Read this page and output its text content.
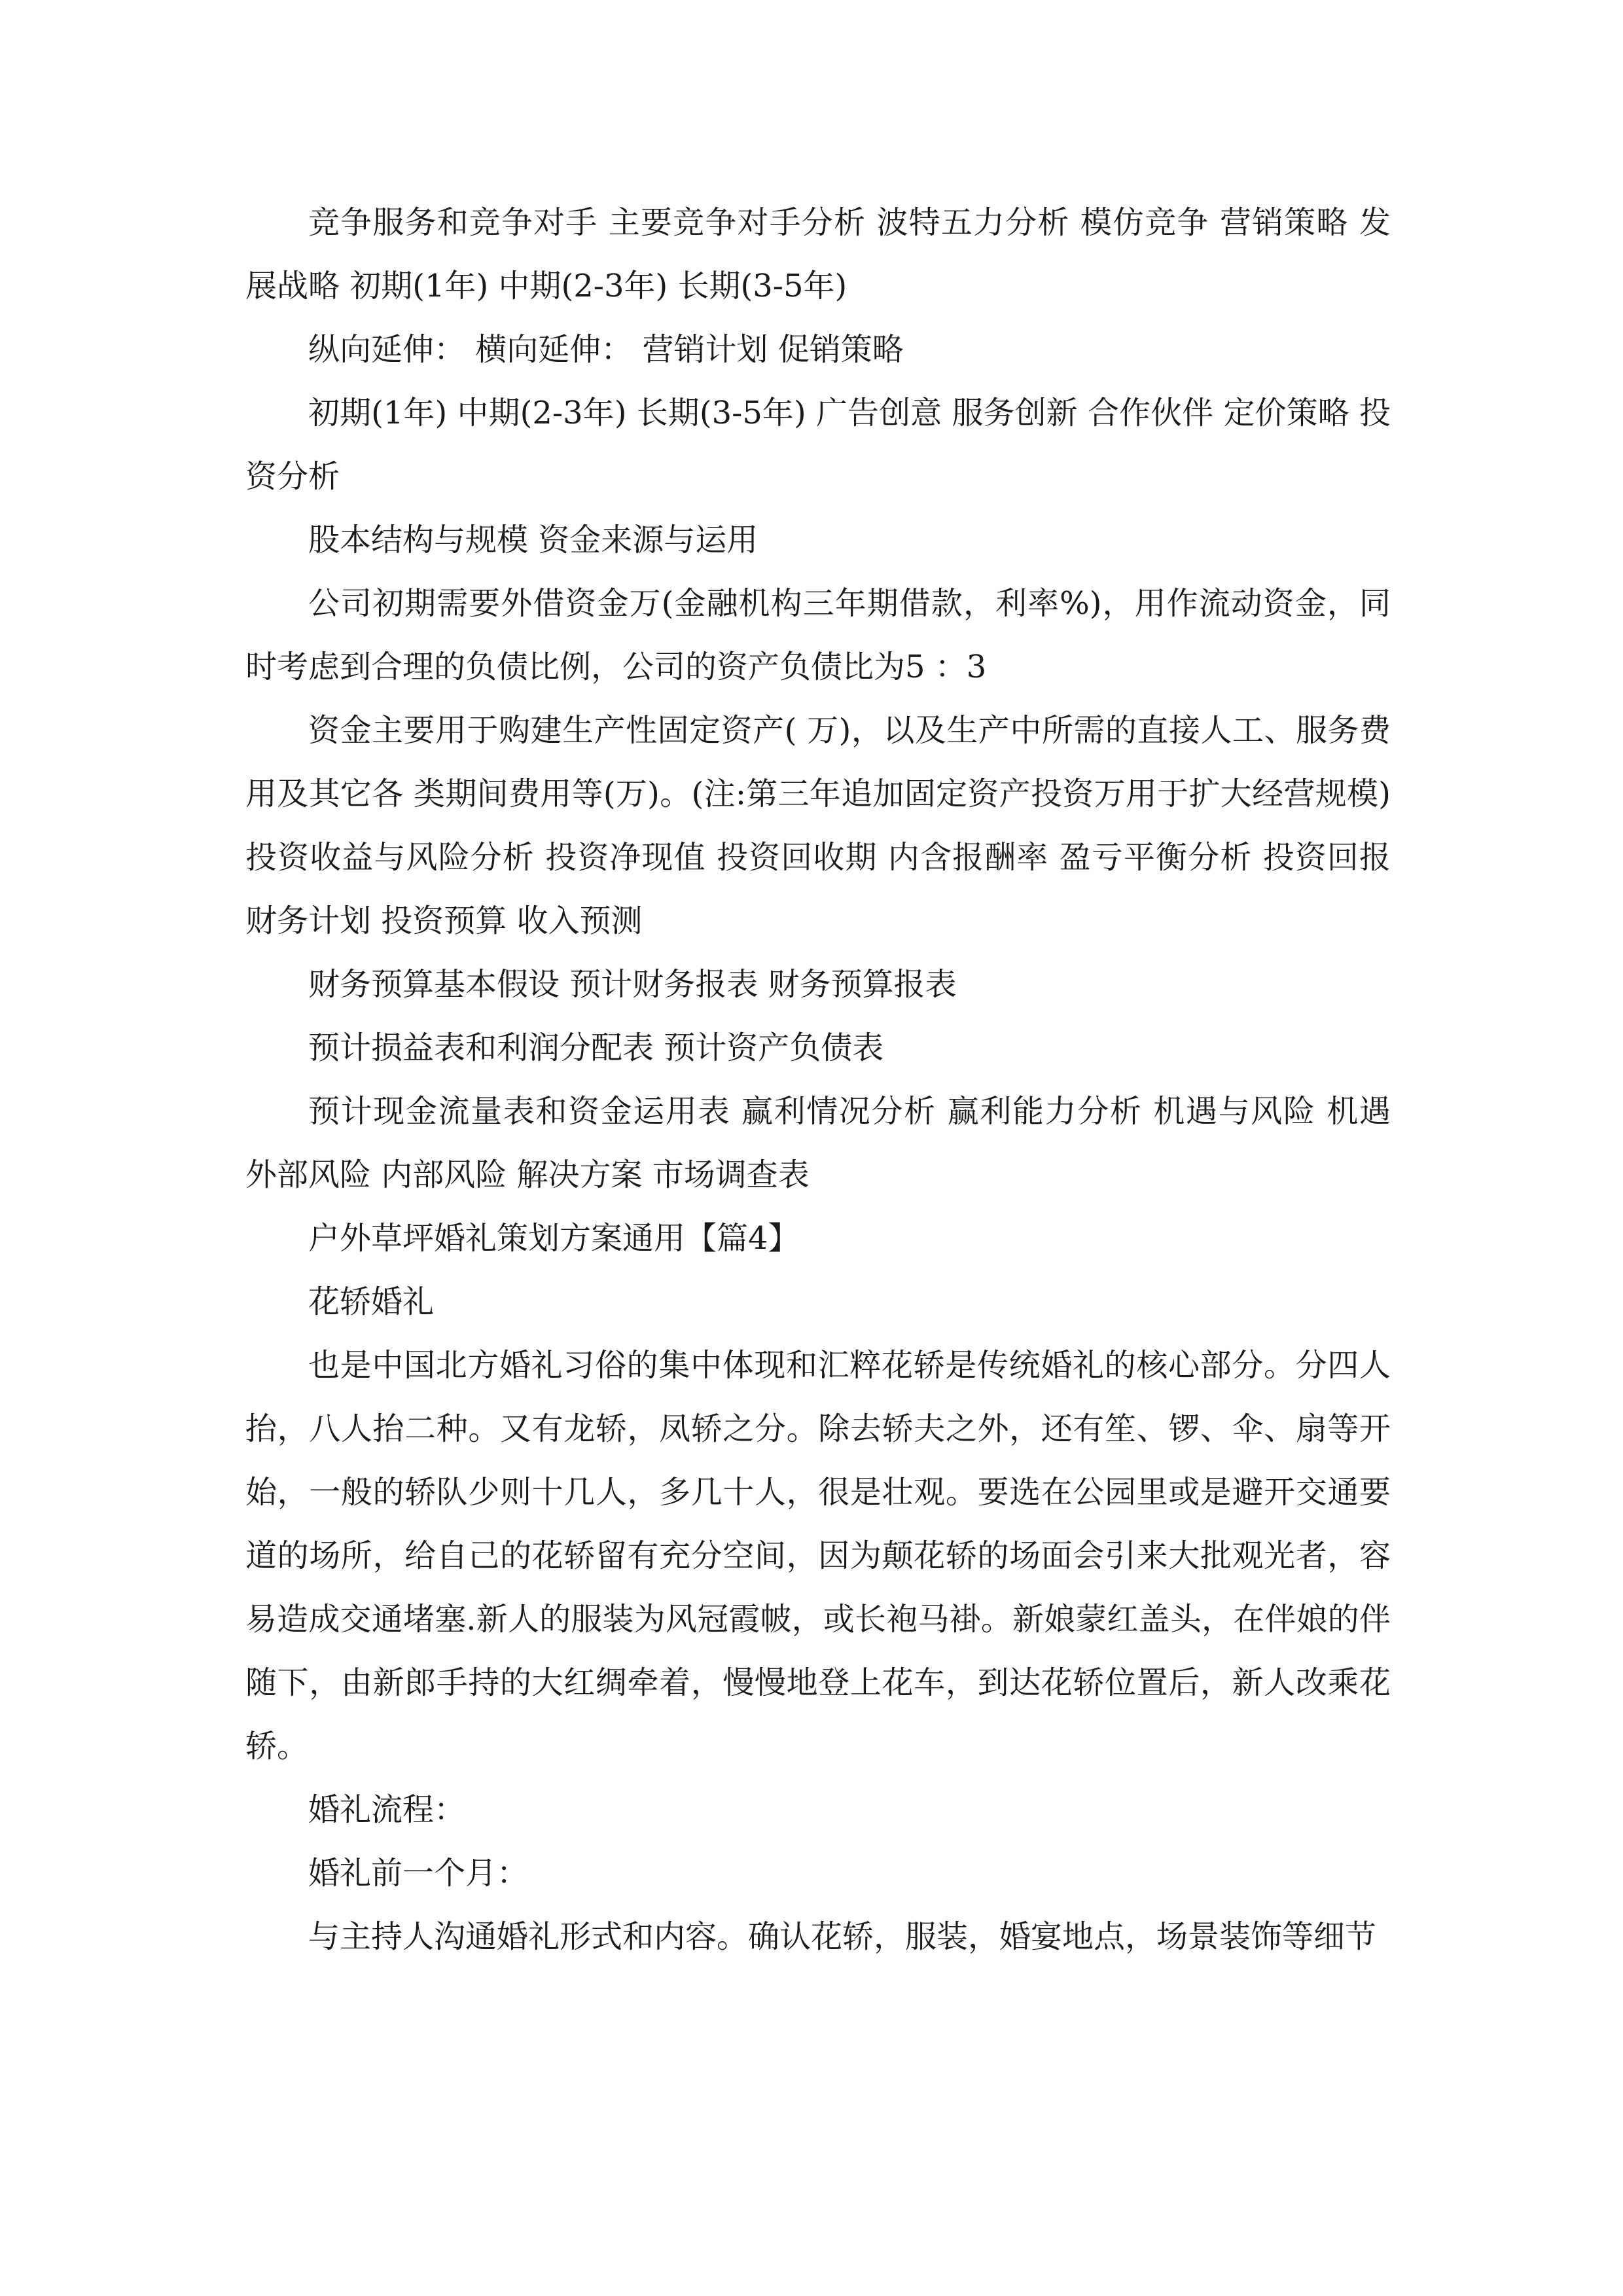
竞争服务和竞争对手 主要竞争对手分析 波特五力分析 模仿竞争 营销策略 发展战略 初期(1年) 中期(2-3年) 长期(3-5年)

纵向延伸： 横向延伸： 营销计划 促销策略

初期(1年) 中期(2-3年) 长期(3-5年) 广告创意 服务创新 合作伙伴 定价策略 投资分析

股本结构与规模 资金来源与运用

公司初期需要外借资金万(金融机构三年期借款，利率%)，用作流动资金，同时考虑到合理的负债比例，公司的资产负债比为5 ：3

资金主要用于购建生产性固定资产( 万)，以及生产中所需的直接人工、服务费用及其它各 类期间费用等(万)。(注:第三年追加固定资产投资万用于扩大经营规模) 投资收益与风险分析 投资净现值 投资回收期 内含报酬率 盈亏平衡分析 投资回报 财务计划 投资预算 收入预测

财务预算基本假设 预计财务报表 财务预算报表

预计损益表和利润分配表 预计资产负债表

预计现金流量表和资金运用表 赢利情况分析 赢利能力分析 机遇与风险 机遇 外部风险 内部风险 解决方案 市场调查表

户外草坪婚礼策划方案通用【篇4】

花轿婚礼

也是中国北方婚礼习俗的集中体现和汇粹花轿是传统婚礼的核心部分。分四人抬，八人抬二种。又有龙轿，凤轿之分。除去轿夫之外，还有笙、锣、伞、扇等开始，一般的轿队少则十几人，多几十人，很是壮观。要选在公园里或是避开交通要道的场所，给自己的花轿留有充分空间，因为颠花轿的场面会引来大批观光者，容易造成交通堵塞.新人的服装为风冠霞帔，或长袍马褂。新娘蒙红盖头，在伴娘的伴随下，由新郎手持的大红绸牵着，慢慢地登上花车，到达花轿位置后，新人改乘花轿。

婚礼流程：

婚礼前一个月：

与主持人沟通婚礼形式和内容。确认花轿，服装，婚宴地点，场景装饰等细节
